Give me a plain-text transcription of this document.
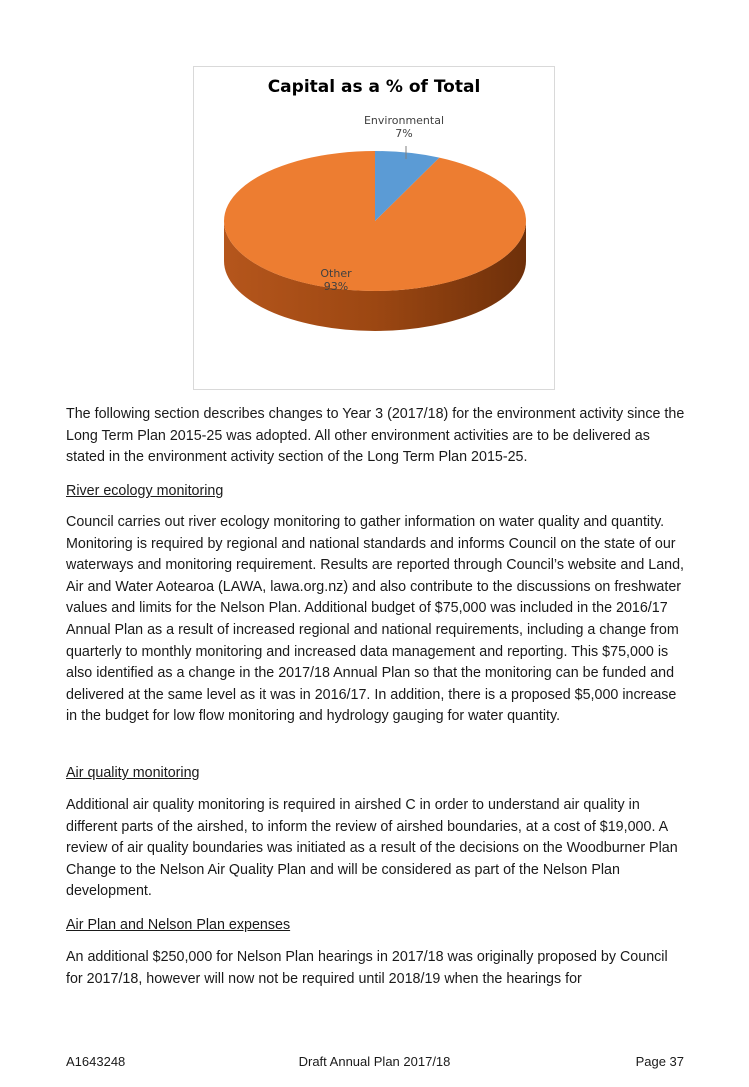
Capital as a % of Total
Environmental
7%
Other
93%
The following section describes changes to Year 3 (2017/18) for the environment activity since the Long Term Plan 2015-25 was adopted. All other environment activities are to be delivered as stated in the environment activity section of the Long Term Plan 2015-25.
River ecology monitoring
Council carries out river ecology monitoring to gather information on water quality and quantity. Monitoring is required by regional and national standards and informs Council on the state of our waterways and monitoring requirement. Results are reported through Council’s website and Land, Air and Water Aotearoa (LAWA, lawa.org.nz) and also contribute to the discussions on freshwater values and limits for the Nelson Plan. Additional budget of $75,000 was included in the 2016/17 Annual Plan as a result of increased regional and national requirements, including a change from quarterly to monthly monitoring and increased data management and reporting. This $75,000 is also identified as a change in the 2017/18 Annual Plan so that the monitoring can be funded and delivered at the same level as it was in 2016/17. In addition, there is a proposed $5,000 increase in the budget for low flow monitoring and hydrology gauging for water quantity.
Air quality monitoring
Additional air quality monitoring is required in airshed C in order to understand air quality in different parts of the airshed, to inform the review of airshed boundaries, at a cost of $19,000. A review of air quality boundaries was initiated as a result of the decisions on the Woodburner Plan Change to the Nelson Air Quality Plan and will be considered as part of the Nelson Plan development.
Air Plan and Nelson Plan expenses
An additional $250,000 for Nelson Plan hearings in 2017/18 was originally proposed by Council for 2017/18, however will now not be required until 2018/19 when the hearings for
A1643248	Draft Annual Plan 2017/18	Page 37
